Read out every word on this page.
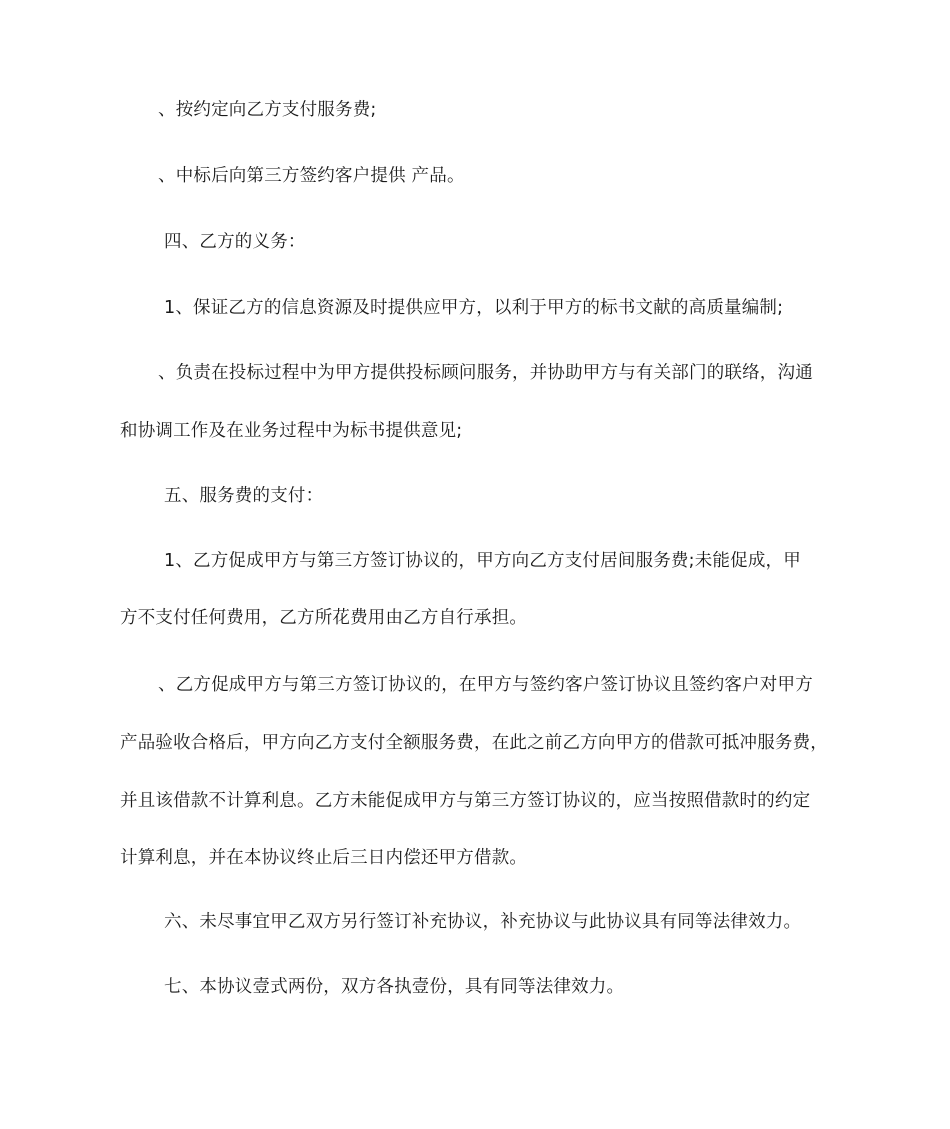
、按约定向乙方支付服务费;
、中标后向第三方签约客户提供 产品。
四、乙方的义务：
1、保证乙方的信息资源及时提供应甲方，以利于甲方的标书文献的高质量编制;
、负责在投标过程中为甲方提供投标顾问服务，并协助甲方与有关部门的联络，沟通
和协调工作及在业务过程中为标书提供意见;
五、服务费的支付：
1、乙方促成甲方与第三方签订协议的，甲方向乙方支付居间服务费;未能促成，甲
方不支付任何费用，乙方所花费用由乙方自行承担。
、乙方促成甲方与第三方签订协议的，在甲方与签约客户签订协议且签约客户对甲方
产品验收合格后，甲方向乙方支付全额服务费，在此之前乙方向甲方的借款可抵冲服务费，
并且该借款不计算利息。乙方未能促成甲方与第三方签订协议的，应当按照借款时的约定
计算利息，并在本协议终止后三日内偿还甲方借款。
六、未尽事宜甲乙双方另行签订补充协议，补充协议与此协议具有同等法律效力。
七、本协议壹式两份，双方各执壹份，具有同等法律效力。
